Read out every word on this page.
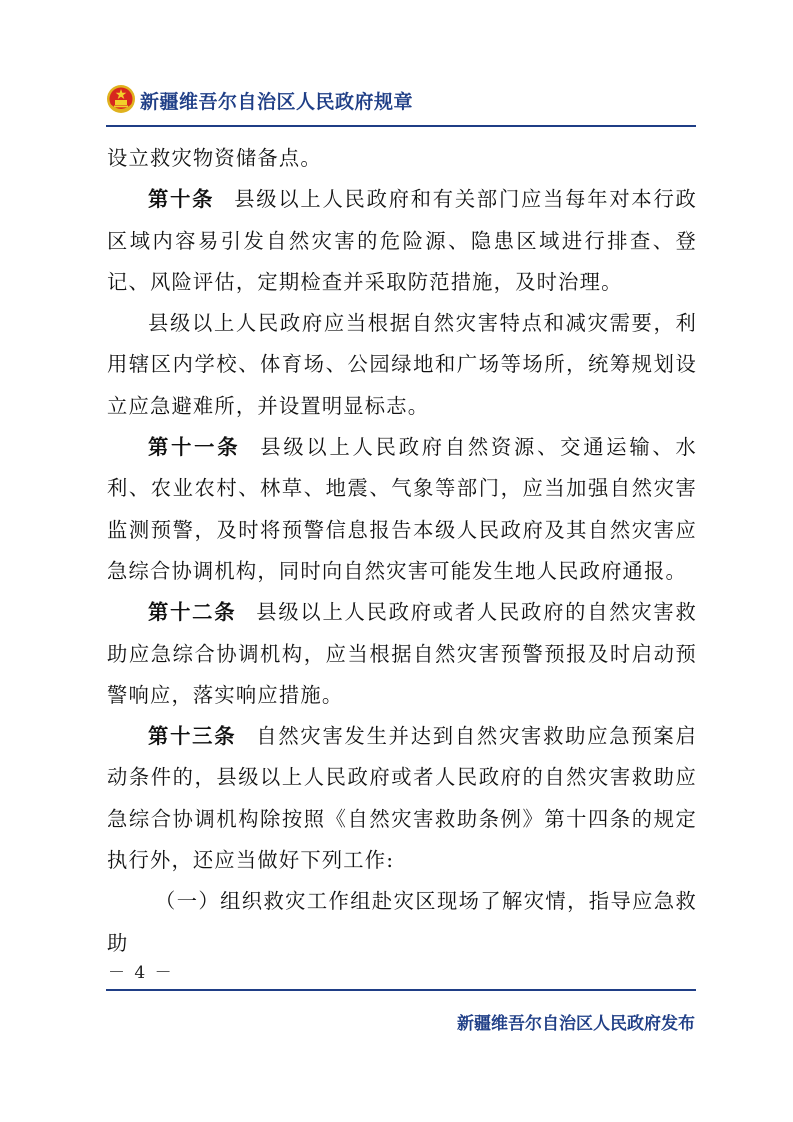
新疆维吾尔自治区人民政府规章

设立救灾物资储备点。

第十条 县级以上人民政府和有关部门应当每年对本行政区域内容易引发自然灾害的危险源、隐患区域进行排查、登记、风险评估，定期检查并采取防范措施，及时治理。

县级以上人民政府应当根据自然灾害特点和减灾需要，利用辖区内学校、体育场、公园绿地和广场等场所，统筹规划设立应急避难所，并设置明显标志。

第十一条 县级以上人民政府自然资源、交通运输、水利、农业农村、林草、地震、气象等部门，应当加强自然灾害监测预警，及时将预警信息报告本级人民政府及其自然灾害应急综合协调机构，同时向自然灾害可能发生地人民政府通报。

第十二条 县级以上人民政府或者人民政府的自然灾害救助应急综合协调机构，应当根据自然灾害预警预报及时启动预警响应，落实响应措施。

第十三条 自然灾害发生并达到自然灾害救助应急预案启动条件的，县级以上人民政府或者人民政府的自然灾害救助应急综合协调机构除按照《自然灾害救助条例》第十四条的规定执行外，还应当做好下列工作:

（一）组织救灾工作组赴灾区现场了解灾情，指导应急救助

－ 4 －
新疆维吾尔自治区人民政府发布
